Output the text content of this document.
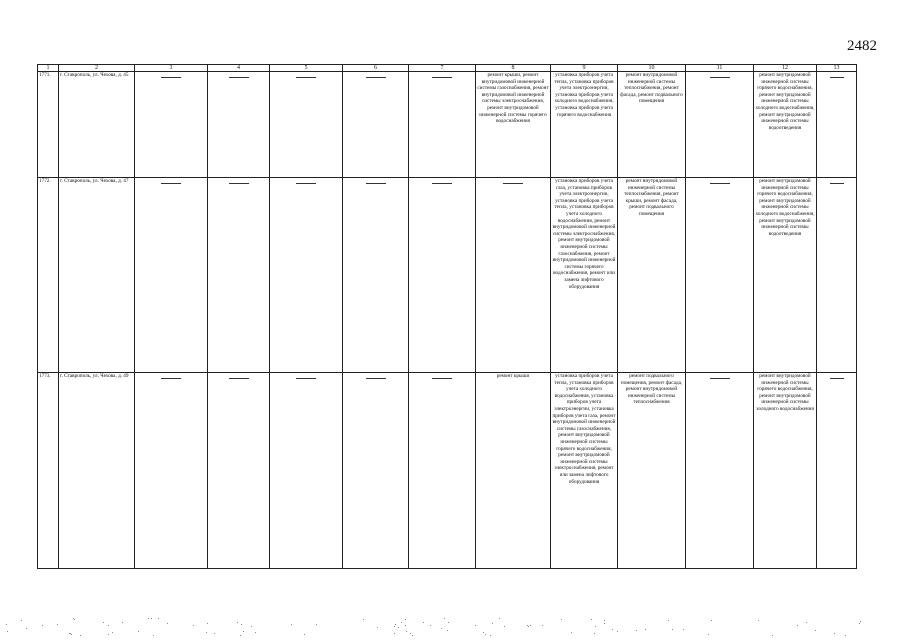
2482
1	2	3	4	5	6	7	8	9	10	11	12	13
1771.	г. Ставрополь, ул. Чехова, д. 45						ремонт крыши, ремонт внутридомовой инженерной системы газоснабжения, ремонт внутридомовой инженерной системы электроснабжения, ремонт внутридомовой инженерной системы горячего водоснабжения	установка приборов учета тепла, установка приборов учета электроэнергии, установка приборов учета холодного водоснабжения, установка приборов учета горячего водоснабжения	ремонт внутридомовой инженерной системы теплоснабжения, ремонт фасада, ремонт подвального помещения		ремонт внутридомовой инженерной системы горячего водоснабжения, ремонт внутридомовой инженерной системы холодного водоснабжения, ремонт внутридомовой инженерной системы водоотведения	

1772.	г. Ставрополь, ул. Чехова, д. 47							установка приборов учета газа, установка приборов учета электроэнергии, установка приборов учета тепла, установка приборов учета холодного водоснабжения, ремонт внутридомовой инженерной системы электроснабжения, ремонт внутридомовой инженерной системы газоснабжения, ремонт внутридомовой инженерной системы горячего водоснабжения, ремонт или замена лифтового оборудования	ремонт внутридомовой инженерной системы теплоснабжения, ремонт крыши, ремонт фасада, ремонт подвального помещения		ремонт внутридомовой инженерной системы горячего водоснабжения, ремонт внутридомовой инженерной системы холодного водоснабжения, ремонт внутридомовой инженерной системы водоотведения	

1773.	г. Ставрополь, ул. Чехова, д. 49						ремонт крыши	установка приборов учета тепла, установка приборов учета холодного водоснабжения, установка приборов учета электроэнергии, установка приборов учета газа, ремонт внутридомовой инженерной системы газоснабжения, ремонт внутридомовой инженерной системы горячего водоснабжения, ремонт внутридомовой инженерной системы электроснабжения, ремонт или замена лифтового оборудования	ремонт подвального помещения, ремонт фасада, ремонт внутридомовой инженерной системы теплоснабжения		ремонт внутридомовой инженерной системы горячего водоснабжения, ремонт внутридомовой инженерной системы холодного водоснабжения	
